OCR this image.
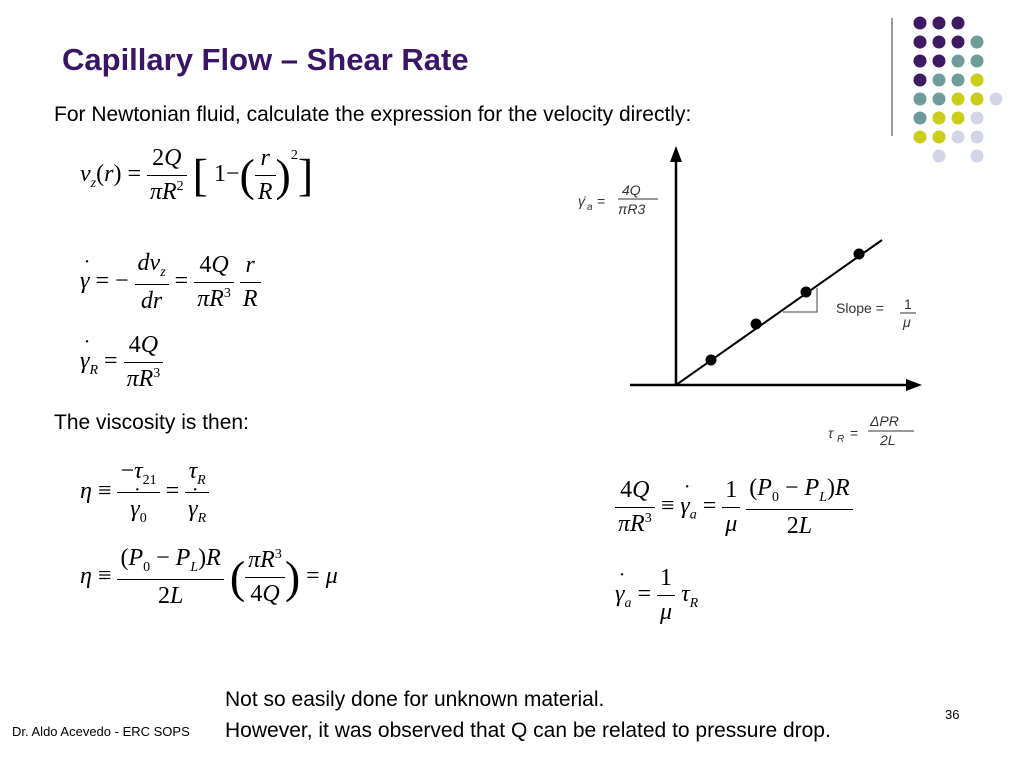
Capillary Flow – Shear Rate
For Newtonian fluid, calculate the expression for the velocity directly:
$v_z(r) = \frac{2Q}{\pi R^2}$ [ $1-( \frac{r}{R} )^2$]
˙ γ = − $\frac{dv_z}{dr} = \frac{4Q}{\pi R^3}$
$\frac{r}{R}$
˙ $\gamma_R = \frac{4Q}{\pi R^3}$
The viscosity is then:
$\eta \equiv -\tau_{21}$
˙ $\gamma_0 = \tau_R$
˙ $\gamma_R$
$\eta \equiv \frac{(P_0 - P_L)R}{2L}$ ( $\frac{\pi R^3}{4Q}$ ) = μ
γ̇ a =
4Q
πR3
Slope = 1
μ
τ R =
ΔPR
2L
$\frac{4Q}{\pi R^3}$ ≡ ˙ $\gamma_a = \frac{1}{\mu}$
$\frac{(P_0 - P_L)R}{2L}$
˙ $\gamma_a = \frac{1}{\mu} \tau_R$
Not so easily done for unknown material.
However, it was observed that Q can be related to pressure drop.
Dr. Aldo Acevedo - ERC SOPS
36
